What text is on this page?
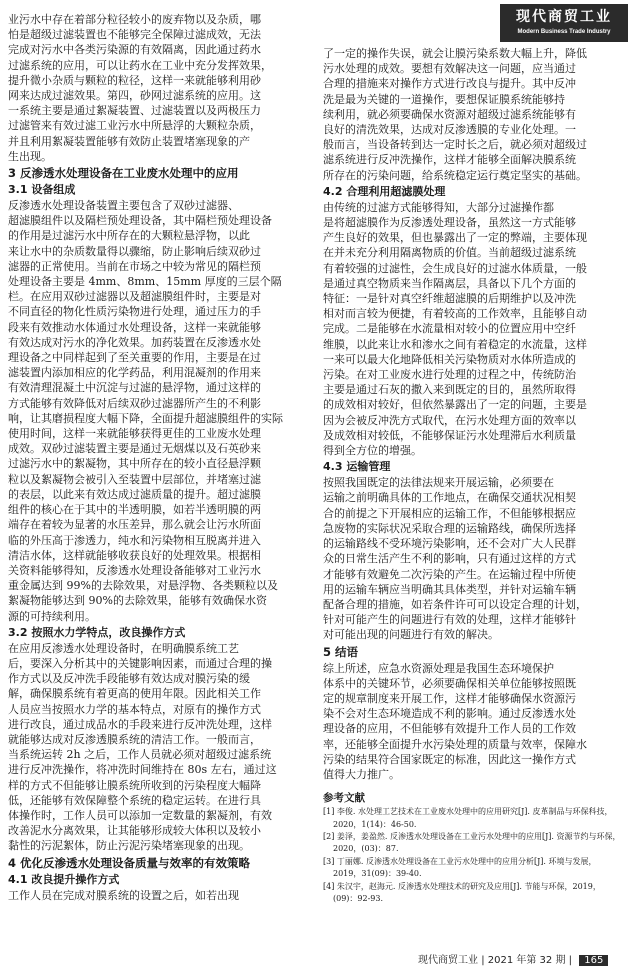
现代商贸工业
Modern Business Trade Industry
业污水中存在着部分粒径较小的废弃物以及杂质，哪
怕是超级过滤装置也不能够完全保障过滤成效，无法
完成对污水中各类污染源的有效隔离，因此通过药水
过滤系统的应用，可以让药水在工业中充分发挥效果，
提升微小杂质与颗粒的粒径，这样一来就能够利用砂
网来达成过滤效果。第四，砂网过滤系统的应用。这
一系统主要是通过絮凝装置、过滤装置以及两极压力
过滤管来有效过滤工业污水中所悬浮的大颗粒杂质，
并且利用絮凝装置能够有效防止装置堵塞现象的产
生出现。
3 反渗透水处理设备在工业废水处理中的应用
3.1 设备组成
反渗透水处理设备装置主要包含了双砂过滤器、
超滤膜组件以及隔栏预处理设备，其中隔栏预处理设备
的作用是过滤污水中所存在的大颗粒悬浮物，以此
来让水中的杂质数量得以骤缩，防止影响后续双砂过
滤器的正常使用。当前在市场之中较为常见的隔栏预
处理设备主要是 4mm、8mm、15mm 厚度的三层个隔
栏。在应用双砂过滤器以及超滤膜组件时，主要是对
不同直径的物化性质污染物进行处理，通过压力的手
段来有效推动水体通过水处理设备，这样一来就能够
有效达成对污水的净化效果。加药装置在反渗透水处
理设备之中同样起到了至关重要的作用，主要是在过
滤装置内添加相应的化学药品，利用混凝剂的作用来
有效清理混凝土中沉淀与过滤的悬浮物，通过这样的
方式能够有效降低对后续双砂过滤器所产生的不利影
响，让其磨损程度大幅下降，全面提升超滤膜组件的实际
使用时间，这样一来就能够获得更佳的工业废水处理
成效。双砂过滤装置主要是通过无烟煤以及石英砂来
过滤污水中的絮凝物，其中所存在的较小直径悬浮颗
粒以及絮凝物会被引入至装置中层部位，并堵塞过滤
的表层，以此来有效达成过滤质量的提升。超过滤膜
组件的核心在于其中的半透明膜，如若半透明膜的两
端存在着较为显著的水压差异，那么就会让污水所面
临的外压高于渗透力，纯水和污染物相互脱离并进入
清洁水体，这样就能够收获良好的处理效果。根据相
关资料能够得知，反渗透水处理设备能够对工业污水
重金属达到 99%的去除效果，对悬浮物、各类颗粒以及
絮凝物能够达到 90%的去除效果，能够有效确保水资
源的可持续利用。
3.2 按照水力学特点，改良操作方式
在应用反渗透水处理设备时，在明确膜系统工艺
后，要深入分析其中的关键影响因素，而通过合理的操
作方式以及反冲洗手段能够有效达成对膜污染的缓
解，确保膜系统有着更高的使用年限。因此相关工作
人员应当按照水力学的基本特点，对原有的操作方式
进行改良，通过成品水的手段来进行反冲洗处理，这样
就能够达成对反渗透膜系统的清洁工作。一般而言，
当系统运转 2h 之后，工作人员就必须对超级过滤系统
进行反冲洗操作，将冲洗时间维持在 80s 左右，通过这
样的方式不但能够让膜系统所收到的污染程度大幅降
低，还能够有效保障整个系统的稳定运转。在进行具
体操作时，工作人员可以添加一定数量的絮凝剂，有效
改善泥水分离效果，让其能够形成较大体积以及较小
黏性的污泥絮体，防止污泥污染堵塞现象的出现。
4 优化反渗透水处理设备质量与效率的有效策略
4.1 改良提升操作方式
工作人员在完成对膜系统的设置之后，如若出现
了一定的操作失误，就会让膜污染系数大幅上升，降低
污水处理的成效。要想有效解决这一问题，应当通过
合理的措施来对操作方式进行改良与提升。其中反冲
洗是最为关键的一道操作，要想保证膜系统能够持
续利用，就必须要确保水资源对超级过滤系统能够有
良好的清洗效果，达成对反渗透膜的专业化处理。一
般而言，当设备转到达一定时长之后，就必须对超级过
滤系统进行反冲洗操作，这样才能够全面解决膜系统
所存在的污染问题，给系统稳定运行奠定坚实的基础。
4.2 合理利用超滤膜处理
由传统的过滤方式能够得知，大部分过滤操作都
是将超滤膜作为反渗透处理设备，虽然这一方式能够
产生良好的效果，但也暴露出了一定的弊端，主要体现
在并未充分利用隔离物质的价值。当前超级过滤系统
有着较强的过滤性，会生成良好的过滤水体质量，一般
是通过真空物质来当作隔离层，具备以下几个方面的
特征：一是针对真空纤维超滤膜的后期维护以及冲洗
相对而言较为便捷，有着较高的工作效率，且能够自动
完成。二是能够在水流量相对较小的位置应用中空纤
维膜，以此来让水和渗水之间有着稳定的水流量，这样
一来可以最大化地降低相关污染物质对水体所造成的
污染。在对工业废水进行处理的过程之中，传统防治
主要是通过石灰的撒入来到既定的目的，虽然所取得
的成效相对较好，但依然暴露出了一定的问题，主要是
因为会被反冲洗方式取代，在污水处理方面的效率以
及成效相对较低，不能够保证污水处理滞后水利质量
得到全方位的增强。
4.3 运输管理
按照我国既定的法律法规来开展运输，必须要在
运输之前明确具体的工作地点，在确保交通状况相契
合的前提之下开展相应的运输工作，不但能够根据应
急废物的实际状况采取合理的运输路线，确保所选择
的运输路线不受环境污染影响，还不会对广大人民群
众的日常生活产生不利的影响，只有通过这样的方式
才能够有效避免二次污染的产生。在运输过程中所使
用的运输车辆应当明确其具体类型，并针对运输车辆
配备合理的措施，如若条件许可可以设定合理的计划，
针对可能产生的问题进行有效的处理，这样才能够针
对可能出现的问题进行有效的解决。
5 结语
综上所述，应急水资源处理是我国生态环境保护
体系中的关键环节，必须要确保相关单位能够按照既
定的规章制度来开展工作，这样才能够确保水资源污
染不会对生态环境造成不利的影响。通过反渗透水处
理设备的应用，不但能够有效提升工作人员的工作效
率，还能够全面提升水污染处理的质量与效率，保障水
污染的结果符合国家既定的标准，因此这一操作方式
值得大力推广。
参考文献
[1] 李俊. 水处理工艺技术在工业废水处理中的应用研究[J]. 皮革制品与环保科技，2020，1(14)：46-50.
[2] 姜泽，姜盈然. 反渗透水处理设备在工业污水处理中的应用[J]. 资源节约与环保，2020，(03)：87.
[3] 丁丽娜. 反渗透水处理设备在工业污水处理中的应用分析[J]. 环境与发展，2019，31(09)：39-40.
[4] 朱汉宇，赵海元. 反渗透水处理技术的研究及应用[J]. 节能与环保，2019，(09)：92-93.
现代商贸工业 | 2021 年第 32 期 | 165
